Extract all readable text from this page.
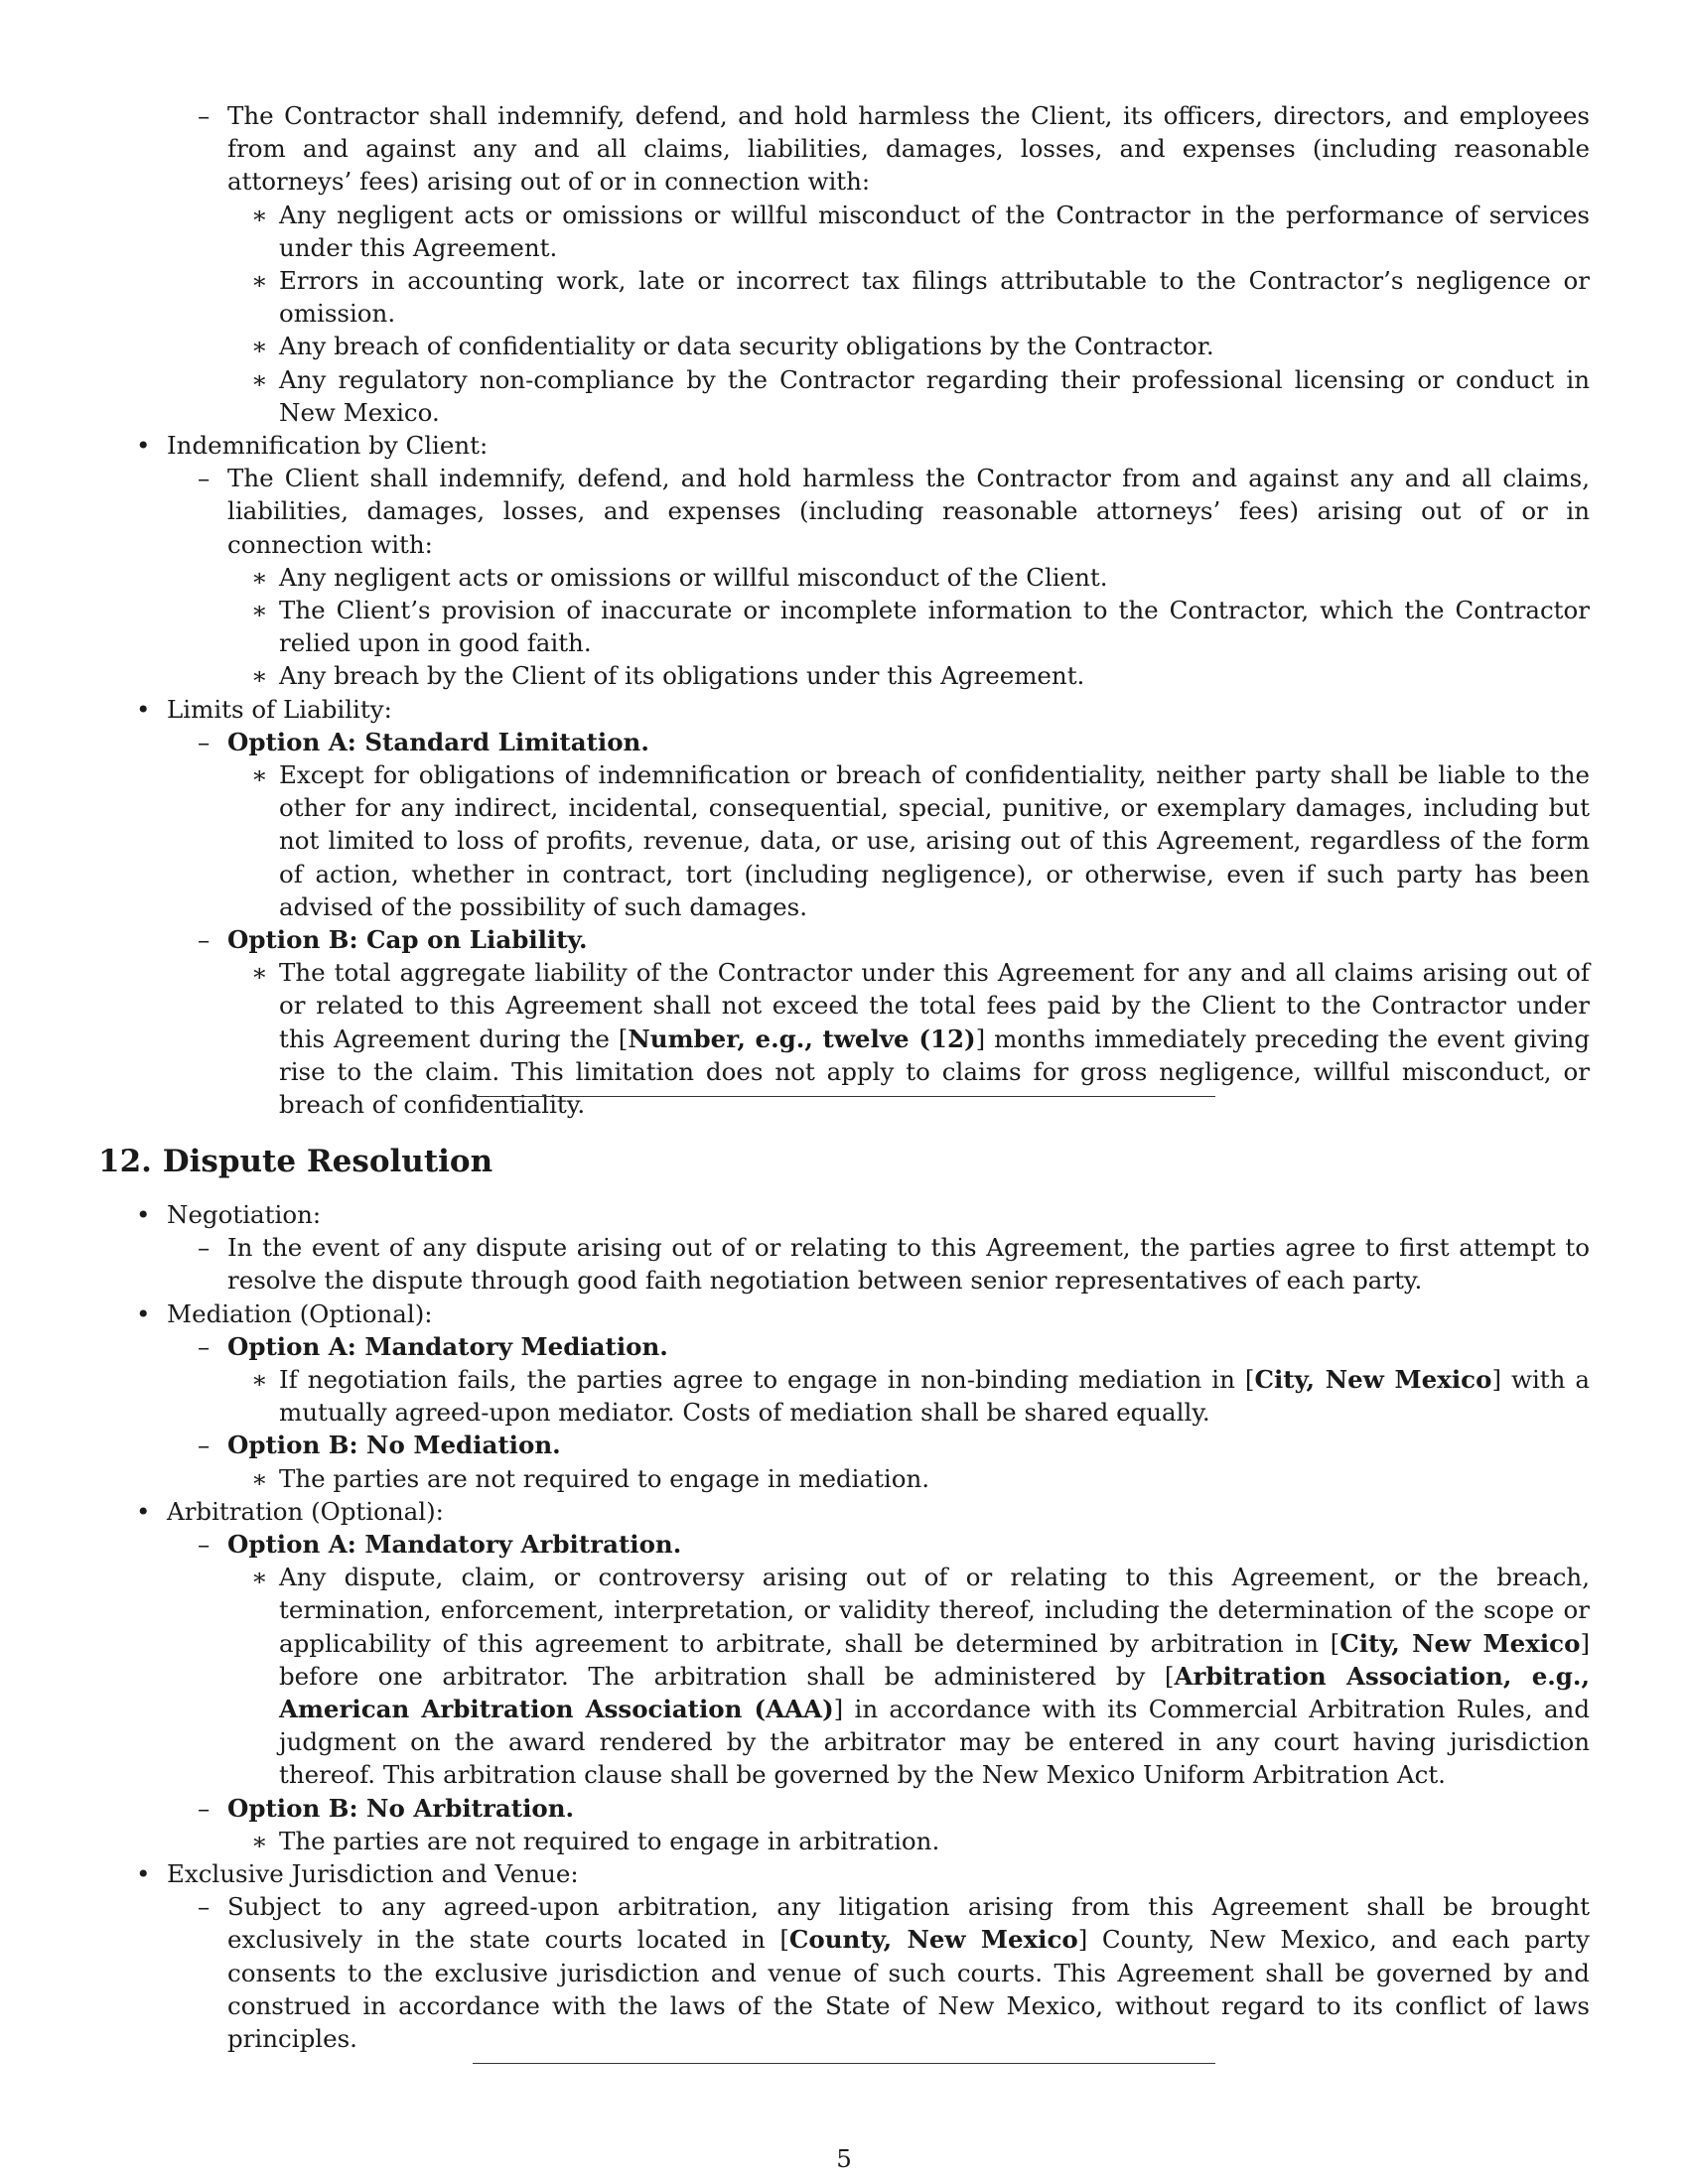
– The Contractor shall indemnify, defend, and hold harmless the Client, its officers, directors, and employees from and against any and all claims, liabilities, damages, losses, and expenses (including reasonable attorneys’ fees) arising out of or in connection with:
∗ Any negligent acts or omissions or willful misconduct of the Contractor in the performance of services under this Agreement.
∗ Errors in accounting work, late or incorrect tax filings attributable to the Contractor’s negligence or omission.
∗ Any breach of confidentiality or data security obligations by the Contractor.
∗ Any regulatory non-compliance by the Contractor regarding their professional licensing or conduct in New Mexico.
• Indemnification by Client:
– The Client shall indemnify, defend, and hold harmless the Contractor from and against any and all claims, liabilities, damages, losses, and expenses (including reasonable attorneys’ fees) arising out of or in connection with:
∗ Any negligent acts or omissions or willful misconduct of the Client.
∗ The Client’s provision of inaccurate or incomplete information to the Contractor, which the Contractor relied upon in good faith.
∗ Any breach by the Client of its obligations under this Agreement.
• Limits of Liability:
– Option A: Standard Limitation.
∗ Except for obligations of indemnification or breach of confidentiality, neither party shall be liable to the other for any indirect, incidental, consequential, special, punitive, or exemplary damages, including but not limited to loss of profits, revenue, data, or use, arising out of this Agreement, regardless of the form of action, whether in contract, tort (including negligence), or otherwise, even if such party has been advised of the possibility of such damages.
– Option B: Cap on Liability.
∗ The total aggregate liability of the Contractor under this Agreement for any and all claims arising out of or related to this Agreement shall not exceed the total fees paid by the Client to the Contractor under this Agreement during the [Number, e.g., twelve (12)] months immediately preceding the event giving rise to the claim. This limitation does not apply to claims for gross negligence, willful misconduct, or breach of confidentiality.
12. Dispute Resolution
• Negotiation:
– In the event of any dispute arising out of or relating to this Agreement, the parties agree to first attempt to resolve the dispute through good faith negotiation between senior representatives of each party.
• Mediation (Optional):
– Option A: Mandatory Mediation.
∗ If negotiation fails, the parties agree to engage in non-binding mediation in [City, New Mexico] with a mutually agreed-upon mediator. Costs of mediation shall be shared equally.
– Option B: No Mediation.
∗ The parties are not required to engage in mediation.
• Arbitration (Optional):
– Option A: Mandatory Arbitration.
∗ Any dispute, claim, or controversy arising out of or relating to this Agreement, or the breach, termination, enforcement, interpretation, or validity thereof, including the determination of the scope or applicability of this agreement to arbitrate, shall be determined by arbitration in [City, New Mexico] before one arbitrator. The arbitration shall be administered by [Arbitration Association, e.g., American Arbitration Association (AAA)] in accordance with its Commercial Arbitration Rules, and judgment on the award rendered by the arbitrator may be entered in any court having jurisdiction thereof. This arbitration clause shall be governed by the New Mexico Uniform Arbitration Act.
– Option B: No Arbitration.
∗ The parties are not required to engage in arbitration.
• Exclusive Jurisdiction and Venue:
– Subject to any agreed-upon arbitration, any litigation arising from this Agreement shall be brought exclusively in the state courts located in [County, New Mexico] County, New Mexico, and each party consents to the exclusive jurisdiction and venue of such courts. This Agreement shall be governed by and construed in accordance with the laws of the State of New Mexico, without regard to its conflict of laws principles.
5
